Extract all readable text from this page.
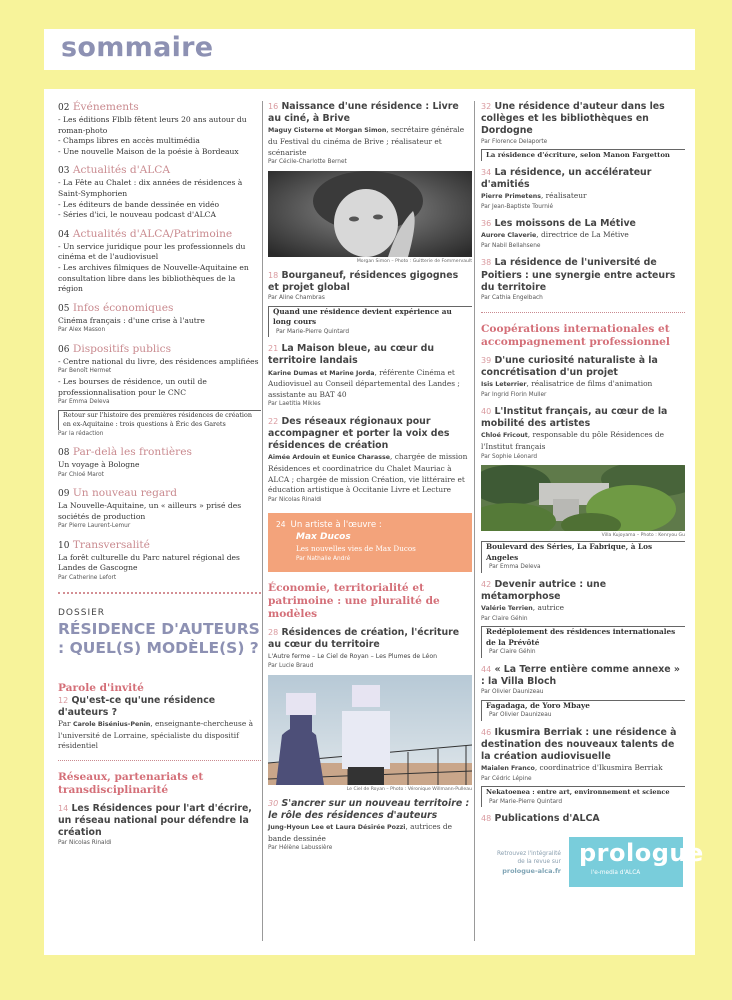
sommaire
02 Événements
- Les éditions Flblb fêtent leurs 20 ans autour du roman-photo
- Champs libres en accès multimédia
- Une nouvelle Maison de la poésie à Bordeaux
03 Actualités d'ALCA
- La Fête au Chalet : dix années de résidences à Saint-Symphorien
- Les éditeurs de bande dessinée en vidéo
- Séries d'ici, le nouveau podcast d'ALCA
04 Actualités d'ALCA/Patrimoine
- Un service juridique pour les professionnels du cinéma et de l'audiovisuel
- Les archives filmiques de Nouvelle-Aquitaine en consultation libre dans les bibliothèques de la région
05 Infos économiques
Cinéma français : d'une crise à l'autre
Par Alex Masson
06 Dispositifs publics
- Centre national du livre, des résidences amplifiées
Par Benoît Hermet
- Les bourses de résidence, un outil de professionnalisation pour le CNC
Par Emma Deleva
Retour sur l'histoire des premières résidences de création en ex-Aquitaine : trois questions à Éric des Garets
Par la rédaction
08 Par-delà les frontières
Un voyage à Bologne
Par Chloé Marot
09 Un nouveau regard
La Nouvelle-Aquitaine, un « ailleurs » prisé des sociétés de production
Par Pierre Laurent-Lemur
10 Transversalité
La forêt culturelle du Parc naturel régional des Landes de Gascogne
Par Catherine Lefort
DOSSIER
RÉSIDENCE D'AUTEURS : QUEL(S) MODÈLE(S) ?
Parole d'invité
12 Qu'est-ce qu'une résidence d'auteurs ?
Par Carole Bisénius-Penin, enseignante-chercheuse à l'université de Lorraine, spécialiste du dispositif résidentiel
Réseaux, partenariats et transdisciplinarité
14 Les Résidences pour l'art d'écrire, un réseau national pour défendre la création
Par Nicolas Rinaldi
16 Naissance d'une résidence : Livre au ciné, à Brive
Maguy Cisterne et Morgan Simon, secrétaire générale du Festival du cinéma de Brive ; réalisateur et scénariste
Par Cécile-Charlotte Bernet
Morgan Simon – Photo : Guitterie de Fommervault
18 Bourganeuf, résidences gigognes et projet global
Par Aline Chambras
Quand une résidence devient expérience au long cours
Par Marie-Pierre Quintard
21 La Maison bleue, au cœur du territoire landais
Karine Dumas et Marine Jorda, référente Cinéma et Audiovisuel au Conseil départemental des Landes ; assistante au BAT 40
Par Laetitia Mikles
22 Des réseaux régionaux pour accompagner et porter la voix des résidences de création
Aimée Ardouin et Eunice Charasse, chargée de mission Résidences et coordinatrice du Chalet Mauriac à ALCA ; chargée de mission Création, vie littéraire et éducation artistique à Occitanie Livre et Lecture
Par Nicolas Rinaldi
24 Un artiste à l'œuvre :
Max Ducos
Les nouvelles vies de Max Ducos
Par Nathalie André
Économie, territorialité et patrimoine : une pluralité de modèles
28 Résidences de création, l'écriture au cœur du territoire
L'Autre ferme – Le Ciel de Royan – Les Plumes de Léon
Par Lucie Braud
Le Ciel de Royan – Photo : Véronique Willmann-Pulleau
30 S'ancrer sur un nouveau territoire : le rôle des résidences d'auteurs
Jung-Hyoun Lee et Laura Désirée Pozzi, autrices de bande dessinée
Par Hélène Labussière
32 Une résidence d'auteur dans les collèges et les bibliothèques en Dordogne
Par Florence Delaporte
La résidence d'écriture, selon Manon Fargetton
34 La résidence, un accélérateur d'amitiés
Pierre Primetens, réalisateur
Par Jean-Baptiste Tournié
36 Les moissons de La Métive
Aurore Claverie, directrice de La Métive
Par Nabil Bellahsene
38 La résidence de l'université de Poitiers : une synergie entre acteurs du territoire
Par Cathia Engelbach
Coopérations internationales et accompagnement professionnel
39 D'une curiosité naturaliste à la concrétisation d'un projet
Isis Leterrier, réalisatrice de films d'animation
Par Ingrid Florin Muller
40 L'Institut français, au cœur de la mobilité des artistes
Chloé Fricout, responsable du pôle Résidences de l'Institut français
Par Sophie Léonard
Villa Kujoyama – Photo : Kenryou Gu
Boulevard des Séries, La Fabrique, à Los Angeles
Par Emma Deleva
42 Devenir autrice : une métamorphose
Valérie Terrien, autrice
Par Claire Géhin
Redéploiement des résidences internationales de la Prévôté
Par Claire Géhin
44 « La Terre entière comme annexe » : la Villa Bloch
Par Olivier Daunizeau
Fagadaga, de Yoro Mbaye
Par Olivier Daunizeau
46 Ikusmira Berriak : une résidence à destination des nouveaux talents de la création audiovisuelle
Maialen Franco, coordinatrice d'Ikusmira Berriak
Par Cédric Lépine
Nekatoenea : entre art, environnement et science
Par Marie-Pierre Quintard
48 Publications d'ALCA
Retrouvez l'intégralité
de la revue sur
prologue-alca.fr
prologue
l'e-media d'ALCA
